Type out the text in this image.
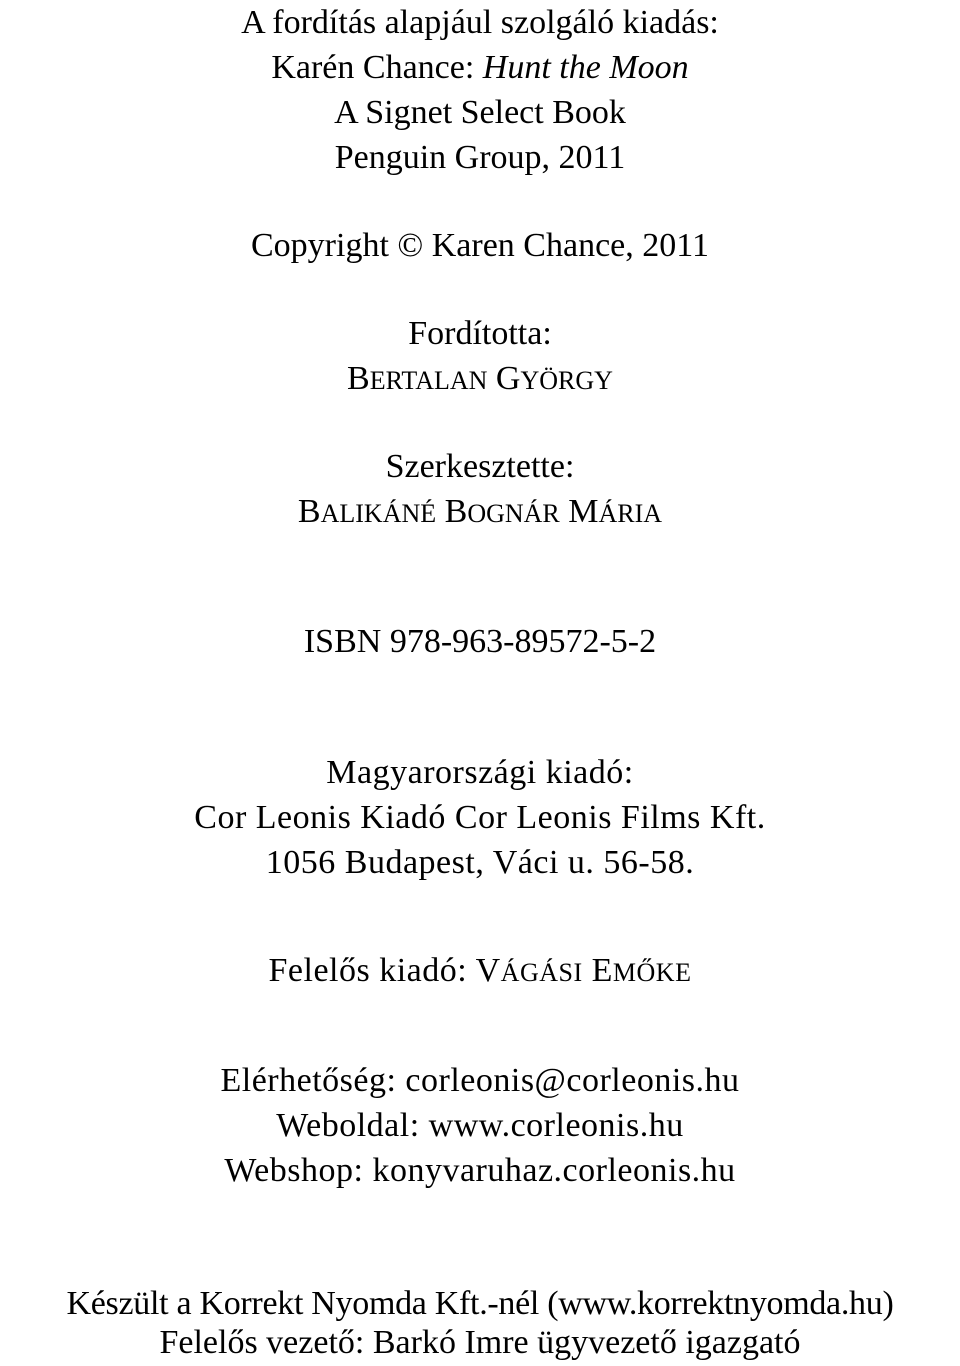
A fordítás alapjául szolgáló kiadás:
Karén Chance: Hunt the Moon
A Signet Select Book
Penguin Group, 2011
Copyright © Karen Chance, 2011
Fordította:
BERTALAN GYÖRGY
Szerkesztette:
BALIKÁNÉ BOGNÁR MÁRIA
ISBN 978-963-89572-5-2
Magyarországi kiadó:
Cor Leonis Kiadó Cor Leonis Films Kft.
1056 Budapest, Váci u. 56-58.
Felelős kiadó: VÁGÁSI EMŐKE
Elérhetőség: corleonis@corleonis.hu
Weboldal: www.corleonis.hu
Webshop: konyvaruhaz.corleonis.hu
Készült a Korrekt Nyomda Kft.-nél (www.korrektnyomda.hu)
Felelős vezető: Barkó Imre ügyvezető igazgató
